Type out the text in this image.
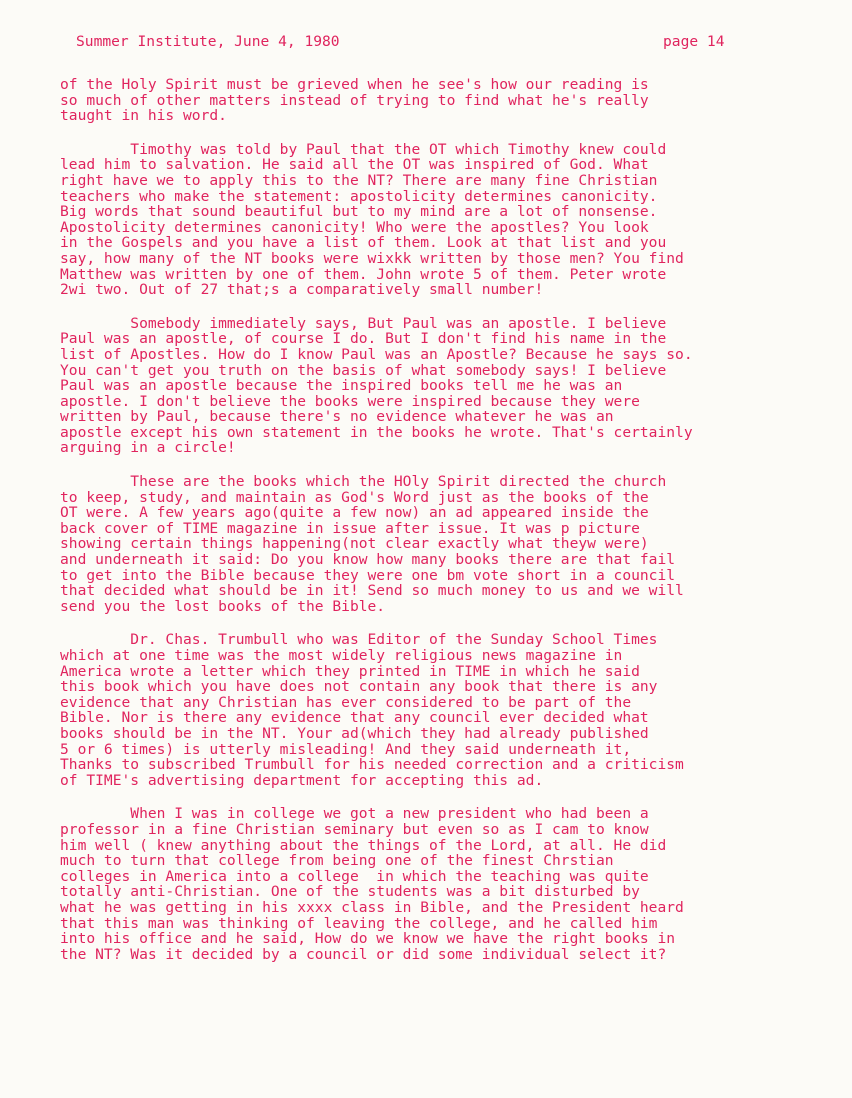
Summer Institute, June 4, 1980	page 14
of the Holy Spirit must be grieved when he see's how our reading is
so much of other matters instead of trying to find what he's really
taught in his word.
Timothy was told by Paul that the OT which Timothy knew could
lead him to salvation. He said all the OT was inspired of God. What
right have we to apply this to the NT? There are many fine Christian
teachers who make the statement: apostolicity determines canonicity.
Big words that sound beautiful but to my mind are a lot of nonsense.
Apostolicity determines canonicity! Who were the apostles? You look
in the Gospels and you have a list of them. Look at that list and you
say, how many of the NT books were wixkk written by those men? You find
Matthew was written by one of them. John wrote 5 of them. Peter wrote
2wi two. Out of 27 that;s a comparatively small number!
Somebody immediately says, But Paul was an apostle. I believe
Paul was an apostle, of course I do. But I don't find his name in the
list of Apostles. How do I know Paul was an Apostle? Because he says so.
You can't get you truth on the basis of what somebody says! I believe
Paul was an apostle because the inspired books tell me he was an
apostle. I don't believe the books were inspired because they were
written by Paul, because there's no evidence whatever he was an
apostle except his own statement in the books he wrote. That's certainly
arguing in a circle!
These are the books which the HOly Spirit directed the church
to keep, study, and maintain as God's Word just as the books of the
OT were. A few years ago(quite a few now) an ad appeared inside the
back cover of TIME magazine in issue after issue. It was p picture
showing certain things happening(not clear exactly what theyw were)
and underneath it said: Do you know how many books there are that fail
to get into the Bible because they were one bm vote short in a council
that decided what should be in it! Send so much money to us and we will
send you the lost books of the Bible.
Dr. Chas. Trumbull who was Editor of the Sunday School Times
which at one time was the most widely religious news magazine in
America wrote a letter which they printed in TIME in which he said
this book which you have does not contain any book that there is any
evidence that any Christian has ever considered to be part of the
Bible. Nor is there any evidence that any council ever decided what
books should be in the NT. Your ad(which they had already published
5 or 6 times) is utterly misleading! And they said underneath it,
Thanks to subscribed Trumbull for his needed correction and a criticism
of TIME's advertising department for accepting this ad.
When I was in college we got a new president who had been a
professor in a fine Christian seminary but even so as I cam to know
him well ( knew anything about the things of the Lord, at all. He did
much to turn that college from being one of the finest Chrstian
colleges in America into a college  in which the teaching was quite
totally anti-Christian. One of the students was a bit disturbed by
what he was getting in his xxxx class in Bible, and the President heard
that this man was thinking of leaving the college, and he called him
into his office and he said, How do we know we have the right books in
the NT? Was it decided by a council or did some individual select it?
